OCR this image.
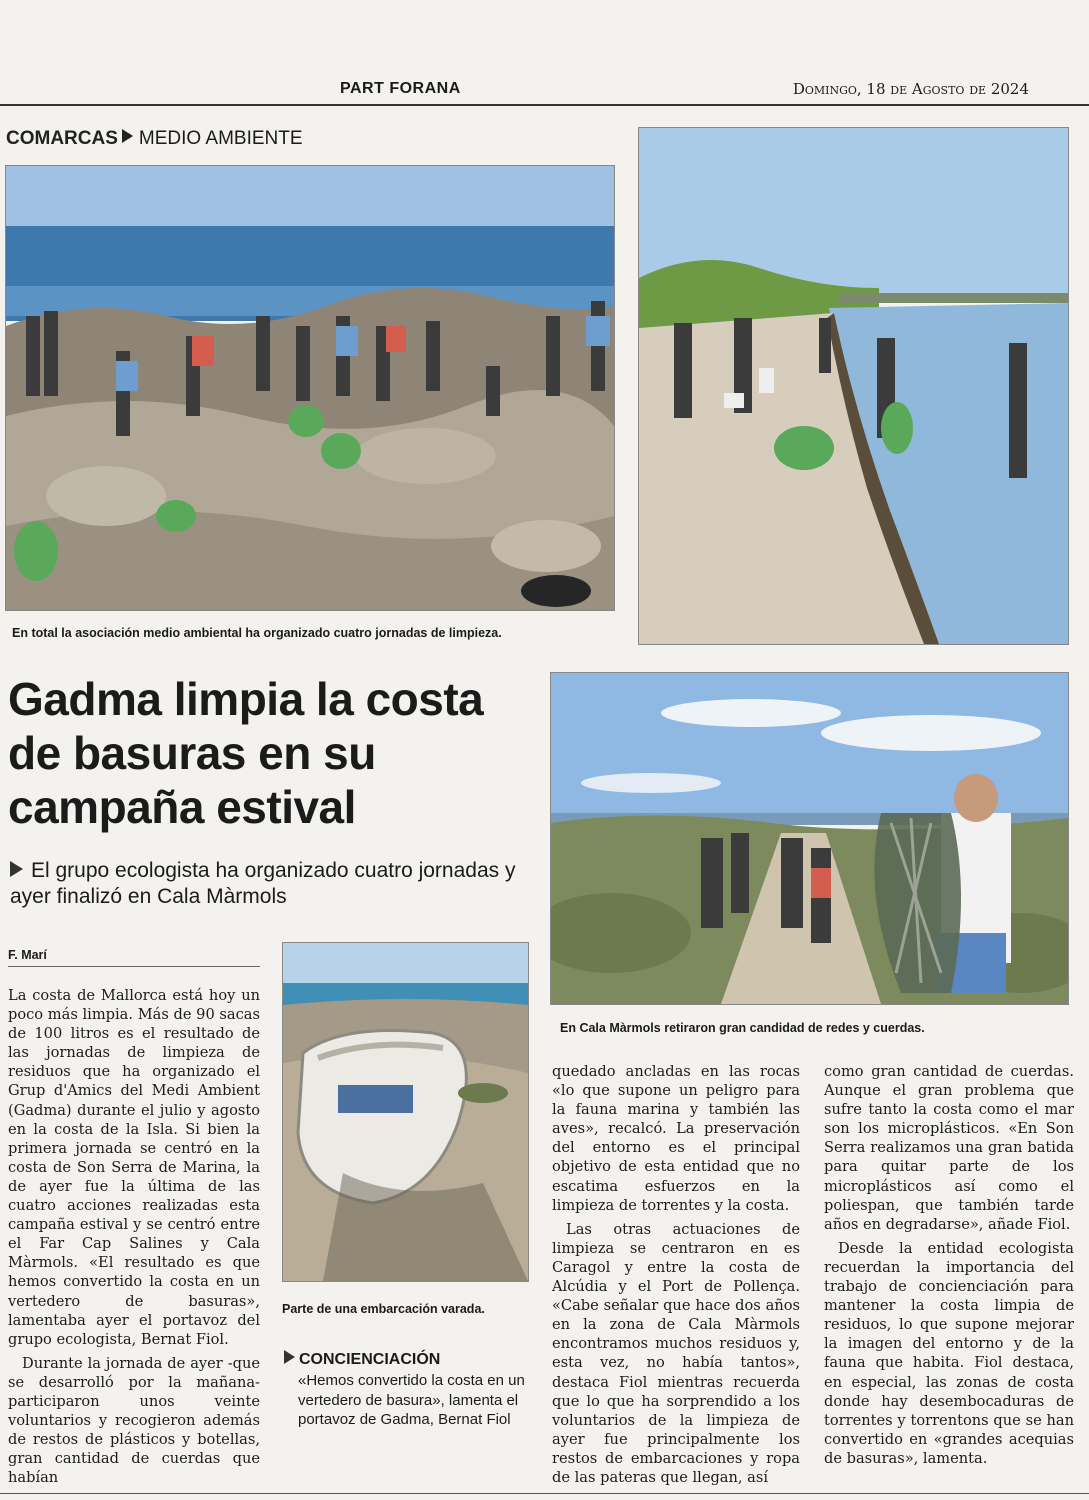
PART FORANA	Domingo, 18 de Agosto de 2024
COMARCAS MEDIO AMBIENTE
En total la asociación medio ambiental ha organizado cuatro jornadas de limpieza.
Gadma limpia la costa de basuras en su campaña estival
El grupo ecologista ha organizado cuatro jornadas y ayer finalizó en Cala Màrmols
En Cala Màrmols retiraron gran candidad de redes y cuerdas.
F. Marí

La costa de Mallorca está hoy un poco más limpia. Más de 90 sacas de 100 litros es el resultado de las jornadas de limpieza de residuos que ha organizado el Grup d'Amics del Medi Ambient (Gadma) durante el julio y agosto en la costa de la Isla. Si bien la primera jornada se centró en la costa de Son Serra de Marina, la de ayer fue la última de las cuatro acciones realizadas esta campaña estival y se centró entre el Far Cap Salines y Cala Màrmols. «El resultado es que hemos convertido la costa en un vertedero de basuras», lamentaba ayer el portavoz del grupo ecologista, Bernat Fiol.

Durante la jornada de ayer -que se desarrolló por la mañana- participaron unos veinte voluntarios y recogieron además de restos de plásticos y botellas, gran cantidad de cuerdas que habían

Parte de una embarcación varada.
CONCIENCIACIÓN
«Hemos convertido la costa en un vertedero de basura», lamenta el portavoz de Gadma, Bernat Fiol

quedado ancladas en las rocas «lo que supone un peligro para la fauna marina y también las aves», recalcó. La preservación del entorno es el principal objetivo de esta entidad que no escatima esfuerzos en la limpieza de torrentes y la costa.

Las otras actuaciones de limpieza se centraron en es Caragol y entre la costa de Alcúdia y el Port de Pollença. «Cabe señalar que hace dos años en la zona de Cala Màrmols encontramos muchos residuos y, esta vez, no había tantos», destaca Fiol mientras recuerda que lo que ha sorprendido a los voluntarios de la limpieza de ayer fue principalmente los restos de embarcaciones y ropa de las pateras que llegan, así

como gran cantidad de cuerdas. Aunque el gran problema que sufre tanto la costa como el mar son los microplásticos. «En Son Serra realizamos una gran batida para quitar parte de los microplásticos así como el poliespan, que también tarde años en degradarse», añade Fiol.

Desde la entidad ecologista recuerdan la importancia del trabajo de concienciación para mantener la costa limpia de residuos, lo que supone mejorar la imagen del entorno y de la fauna que habita. Fiol destaca, en especial, las zonas de costa donde hay desembocaduras de torrentes y torrentons que se han convertido en «grandes acequias de basuras», lamenta.
